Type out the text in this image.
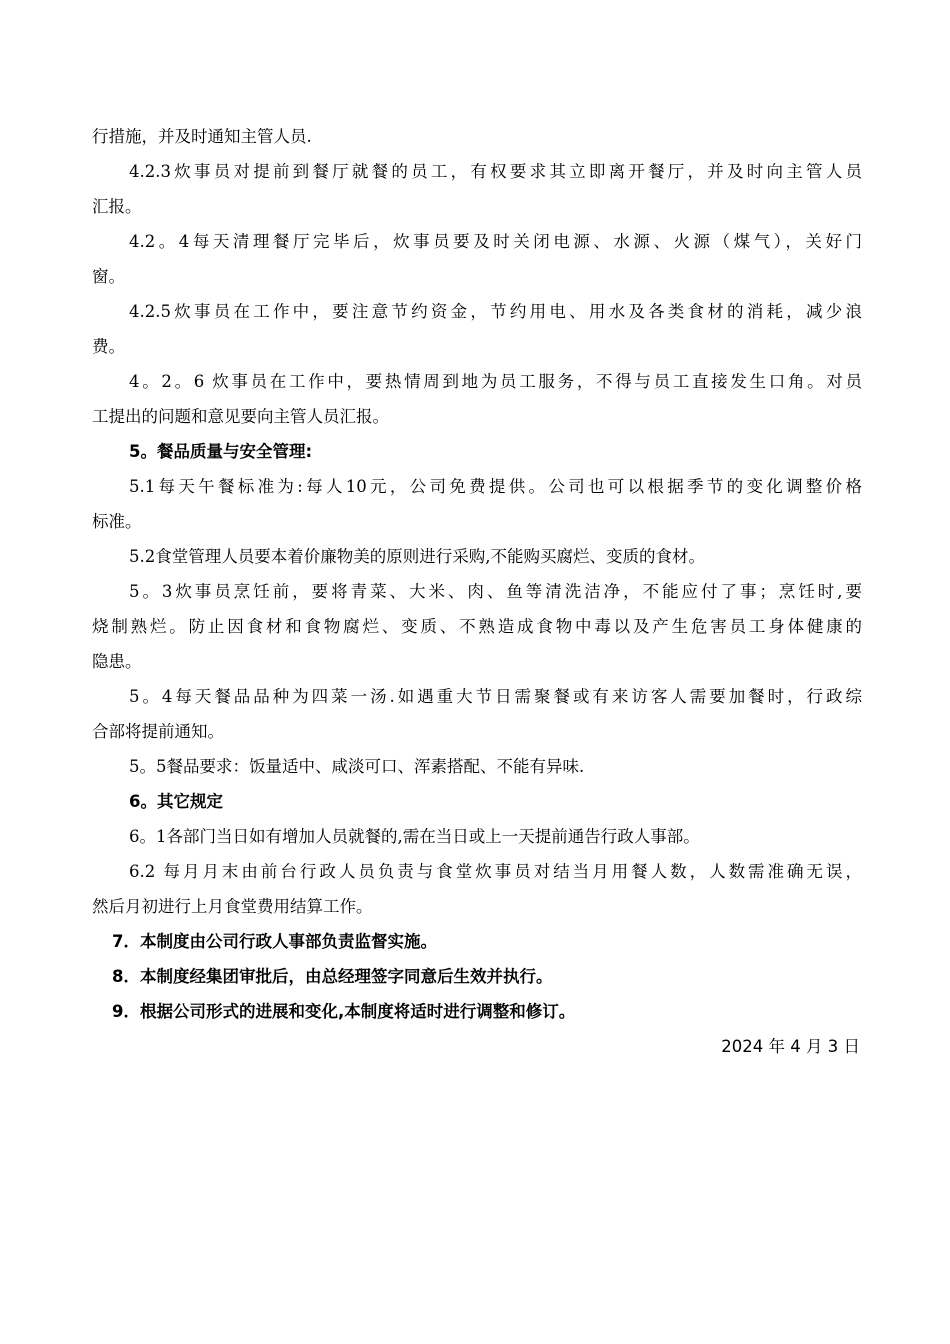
行措施，并及时通知主管人员.
4.2.3炊事员对提前到餐厅就餐的员工，有权要求其立即离开餐厅，并及时向主管人员
汇报。
4.2。4每天清理餐厅完毕后，炊事员要及时关闭电源、水源、火源（煤气），关好门
窗。
4.2.5炊事员在工作中，要注意节约资金，节约用电、用水及各类食材的消耗，减少浪
费。
4。2。6 炊事员在工作中，要热情周到地为员工服务，不得与员工直接发生口角。对员
工提出的问题和意见要向主管人员汇报。
5。餐品质量与安全管理:
5.1每天午餐标准为:每人10元，公司免费提供。公司也可以根据季节的变化调整价格
标准。
5.2食堂管理人员要本着价廉物美的原则进行采购,不能购买腐烂、变质的食材。
5。3炊事员烹饪前，要将青菜、大米、肉、鱼等清洗洁净，不能应付了事；烹饪时,要
烧制熟烂。防止因食材和食物腐烂、变质、不熟造成食物中毒以及产生危害员工身体健康的
隐患。
5。4每天餐品品种为四菜一汤.如遇重大节日需聚餐或有来访客人需要加餐时，行政综
合部将提前通知。
5。5餐品要求：饭量适中、咸淡可口、浑素搭配、不能有异味.
6。其它规定
6。1各部门当日如有增加人员就餐的,需在当日或上一天提前通告行政人事部。
6.2 每月月末由前台行政人员负责与食堂炊事员对结当月用餐人数，人数需准确无误，
然后月初进行上月食堂费用结算工作。
7．本制度由公司行政人事部负责监督实施。
8．本制度经集团审批后，由总经理签字同意后生效并执行。
9．根据公司形式的进展和变化,本制度将适时进行调整和修订。
2024 年 4 月 3 日
